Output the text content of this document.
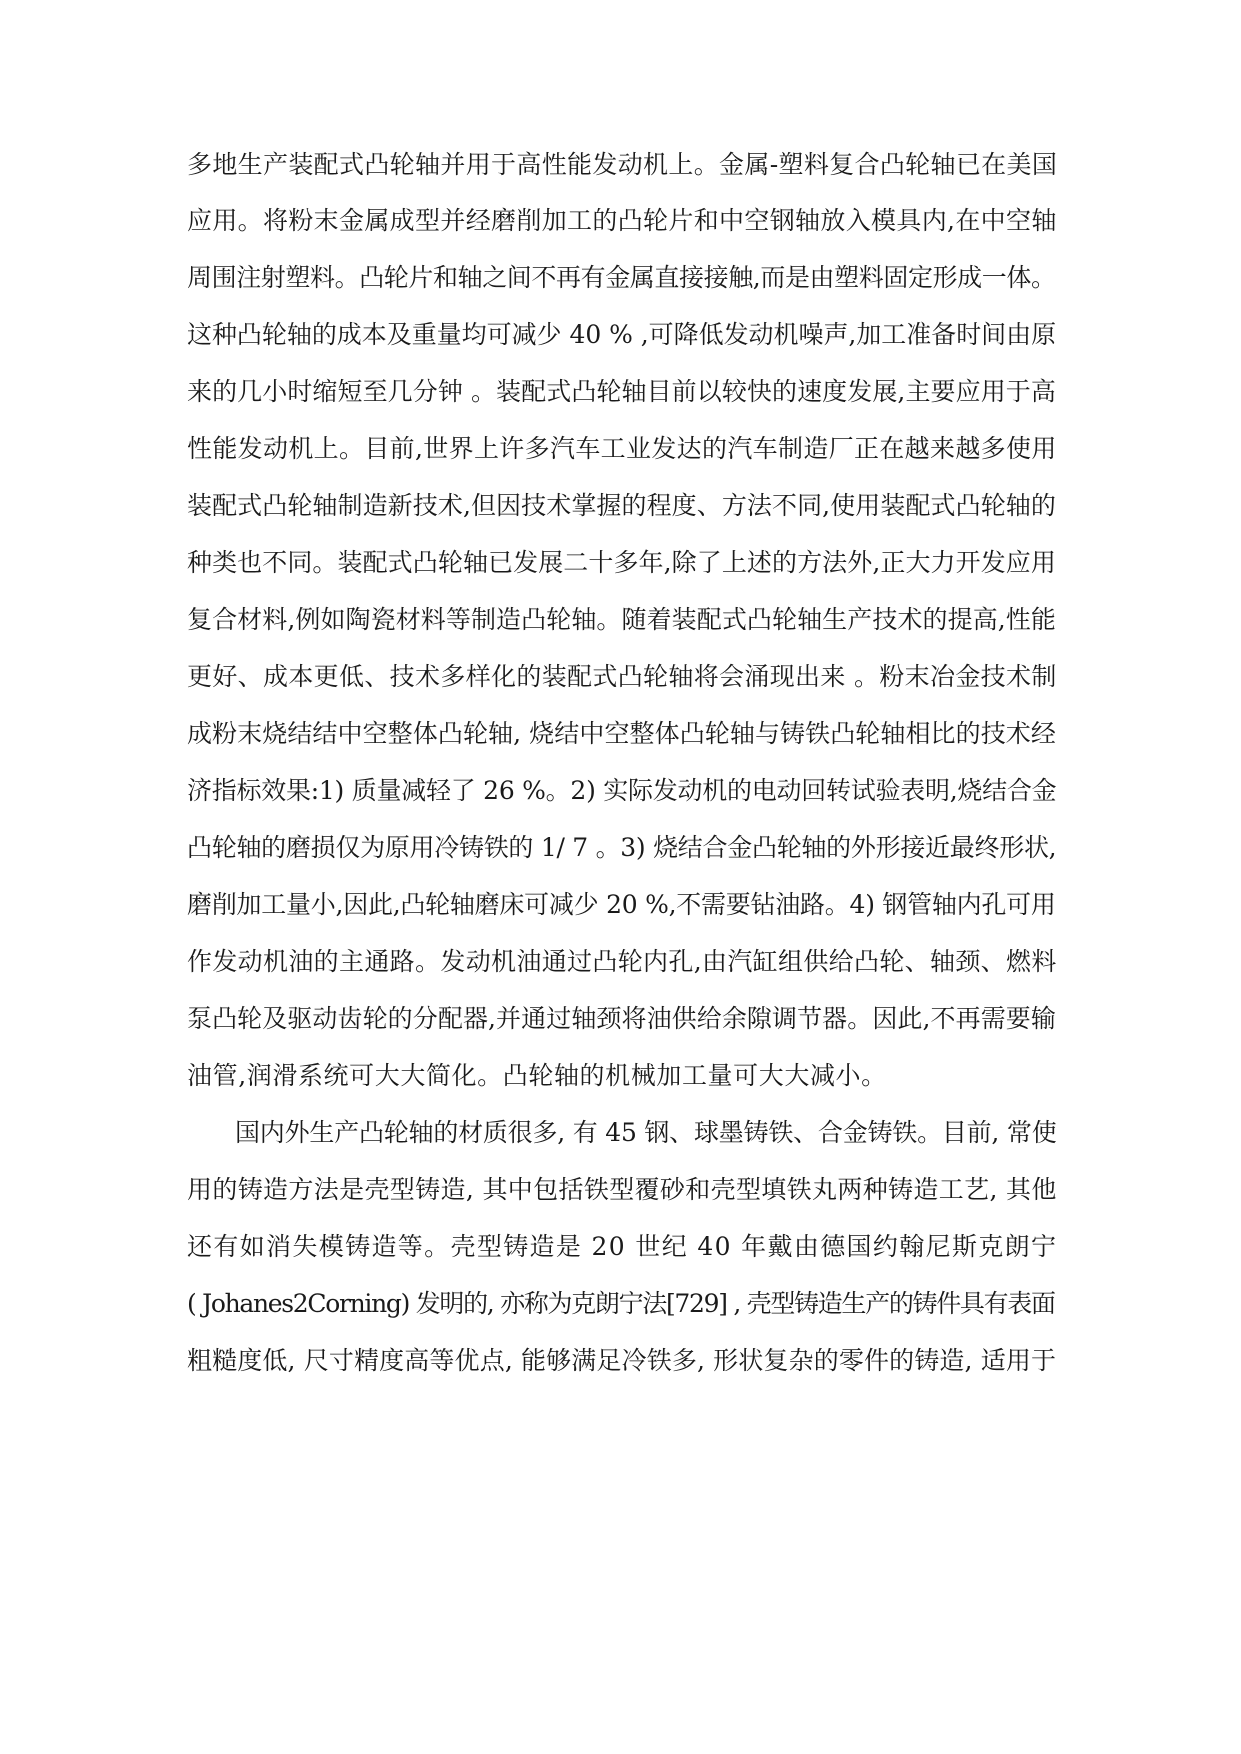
多地生产装配式凸轮轴并用于高性能发动机上。金属-塑料复合凸轮轴已在美国
应用。将粉末金属成型并经磨削加工的凸轮片和中空钢轴放入模具内,在中空轴
周围注射塑料。凸轮片和轴之间不再有金属直接接触,而是由塑料固定形成一体。
这种凸轮轴的成本及重量均可减少 40 % ,可降低发动机噪声,加工准备时间由原
来的几小时缩短至几分钟 。装配式凸轮轴目前以较快的速度发展,主要应用于高
性能发动机上。目前,世界上许多汽车工业发达的汽车制造厂正在越来越多使用
装配式凸轮轴制造新技术,但因技术掌握的程度、方法不同,使用装配式凸轮轴的
种类也不同。装配式凸轮轴已发展二十多年,除了上述的方法外,正大力开发应用
复合材料,例如陶瓷材料等制造凸轮轴。随着装配式凸轮轴生产技术的提高,性能
更好、成本更低、技术多样化的装配式凸轮轴将会涌现出来 。粉末冶金技术制
成粉末烧结结中空整体凸轮轴, 烧结中空整体凸轮轴与铸铁凸轮轴相比的技术经
济指标效果:1) 质量减轻了 26 %。2) 实际发动机的电动回转试验表明,烧结合金
凸轮轴的磨损仅为原用冷铸铁的 1/ 7 。3) 烧结合金凸轮轴的外形接近最终形状,
磨削加工量小,因此,凸轮轴磨床可减少 20 %,不需要钻油路。4) 钢管轴内孔可用
作发动机油的主通路。发动机油通过凸轮内孔,由汽缸组供给凸轮、轴颈、燃料
泵凸轮及驱动齿轮的分配器,并通过轴颈将油供给余隙调节器。因此,不再需要输
油管,润滑系统可大大简化。凸轮轴的机械加工量可大大减小。
国内外生产凸轮轴的材质很多, 有 45 钢、球墨铸铁、合金铸铁。目前, 常使
用的铸造方法是壳型铸造, 其中包括铁型覆砂和壳型填铁丸两种铸造工艺, 其他
还有如消失模铸造等。壳型铸造是 20 世纪 40 年戴由德国约翰尼斯克朗宁
( Johanes2Corning) 发明的, 亦称为克朗宁法[729] , 壳型铸造生产的铸件具有表面
粗糙度低, 尺寸精度高等优点, 能够满足冷铁多, 形状复杂的零件的铸造, 适用于
